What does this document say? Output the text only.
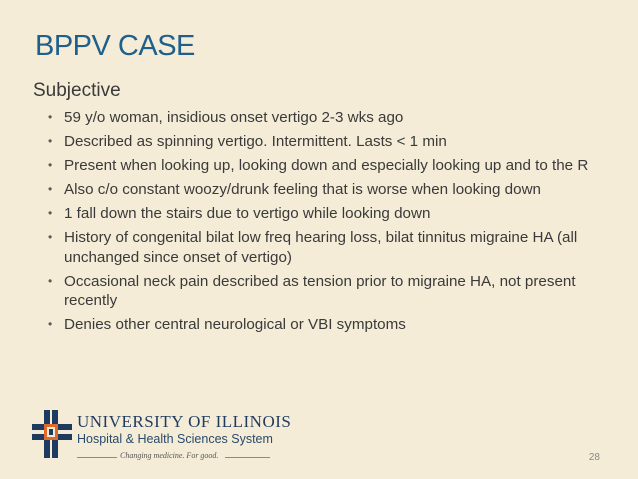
BPPV CASE
Subjective
• 59 y/o woman, insidious onset vertigo 2-3 wks ago
• Described as spinning vertigo. Intermittent. Lasts < 1 min
• Present when looking up, looking down and especially looking up and to the R
• Also c/o constant woozy/drunk feeling that is worse when looking down
• 1 fall down the stairs due to vertigo while looking down
• History of congenital bilat low freq hearing loss, bilat tinnitus migraine HA (all unchanged since onset of vertigo)
• Occasional neck pain described as tension prior to migraine HA, not present recently
• Denies other central neurological or VBI symptoms
UNIVERSITY OF ILLINOIS
Hospital & Health Sciences System
Changing medicine. For good.	28
